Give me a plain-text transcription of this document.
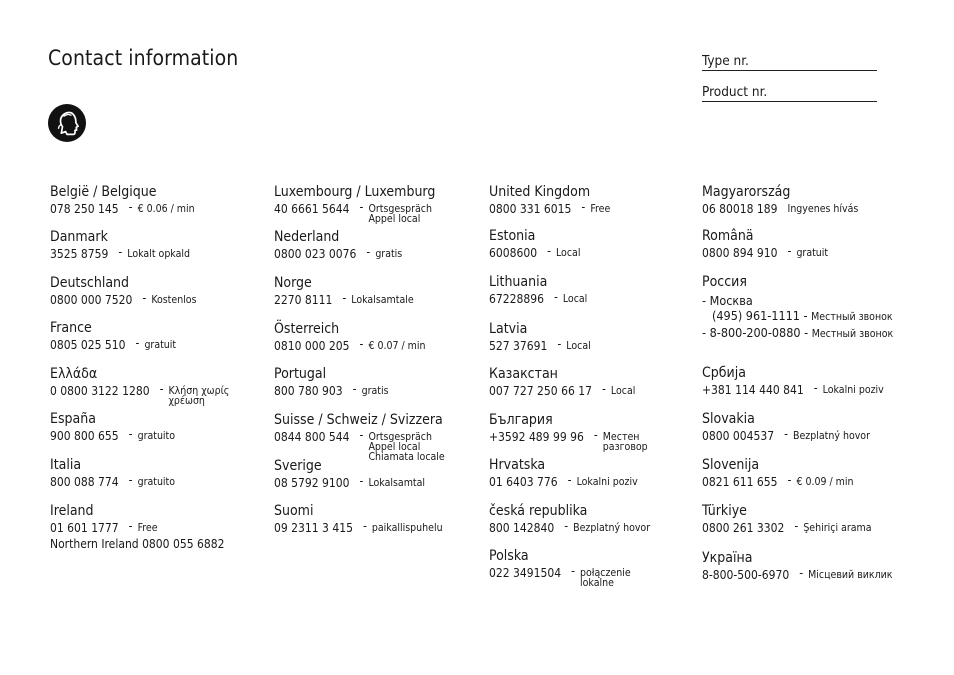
Contact information	Type nr.
Product nr.
België / Belgique
078 250 145 - € 0.06 / min
Danmark
3525 8759 - Lokalt opkald
Deutschland
0800 000 7520 - Kostenlos
France
0805 025 510 - gratuit
Ελλάδα
0 0800 3122 1280 - Κλήση χωρίς
χρέωση
España
900 800 655 - gratuito
Italia
800 088 774 - gratuito
Ireland
01 601 1777 - Free
Northern Ireland 0800 055 6882
Luxembourg / Luxemburg
40 6661 5644 - Ortsgespräch
Appel local
Nederland
0800 023 0076 - gratis
Norge
2270 8111 - Lokalsamtale
Österreich
0810 000 205 - € 0.07 / min
Portugal
800 780 903 - gratis
Suisse / Schweiz / Svizzera
0844 800 544 - Ortsgespräch
Appel local
Chiamata locale
Sverige
08 5792 9100 - Lokalsamtal
Suomi
09 2311 3 415 - paikallispuhelu
United Kingdom
0800 331 6015 - Free
Estonia
6008600 - Local
Lithuania
67228896 - Local
Latvia
527 37691 - Local
Казакстан
007 727 250 66 17 - Local
България
+3592 489 99 96 - Местен
разговор
Hrvatska
01 6403 776 - Lokalni poziv
česká republika
800 142840 - Bezplatný hovor
Polska
022 3491504 - połączenie
lokalne
Magyarország
06 80018 189 Ingyenes hívás
Românä
0800 894 910 - gratuit
Россия
- Москва
(495) 961-1111 - Местный звонок
- 8-800-200-0880 - Местный звонок
Србија
+381 114 440 841 - Lokalni poziv
Slovakia
0800 004537 - Bezplatný hovor
Slovenija
0821 611 655 - € 0.09 / min
Türkiye
0800 261 3302 - Şehiriçi arama
Україна
8-800-500-6970 - Місцевий виклик
